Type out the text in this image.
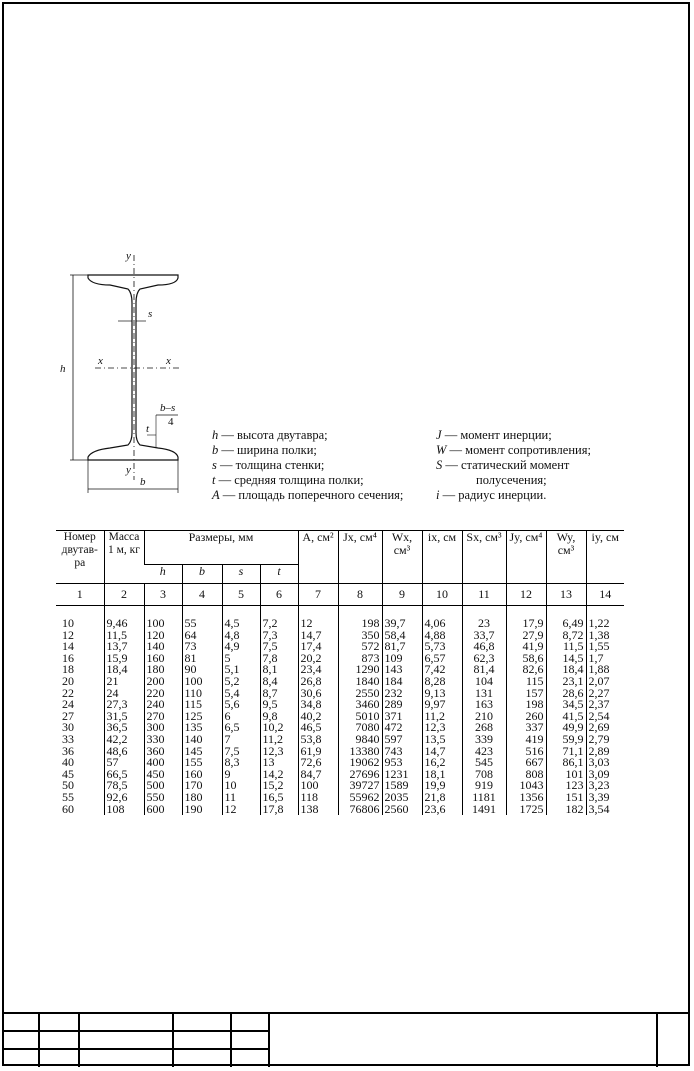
y
y
x	x
h
b
s
t
b–s
4
h — высота двутавра;
b — ширина полки;
s — толщина стенки;
t — средняя толщина полки;
A — площадь поперечного сечения;
J — момент инерции;
W — момент сопротивления;
S — статический момент
полусечения;
i — радиус инерции.
Номер двутав- ра	Масса 1 м, кг	Размеры, мм				A, см²	Jx, см⁴	Wx, см³	ix, см	Sx, см³	Jy, см⁴	Wy, см³	iy, см
		h	b	s	t								
1	2	3	4	5	6	7	8	9	10	11	12	13	14

10	9,46	100	55	4,5	7,2	12	198	39,7	4,06	23	17,9	6,49	1,22
12	11,5	120	64	4,8	7,3	14,7	350	58,4	4,88	33,7	27,9	8,72	1,38
14	13,7	140	73	4,9	7,5	17,4	572	81,7	5,73	46,8	41,9	11,5	1,55
16	15,9	160	81	5	7,8	20,2	873	109	6,57	62,3	58,6	14,5	1,7
18	18,4	180	90	5,1	8,1	23,4	1290	143	7,42	81,4	82,6	18,4	1,88
20	21	200	100	5,2	8,4	26,8	1840	184	8,28	104	115	23,1	2,07
22	24	220	110	5,4	8,7	30,6	2550	232	9,13	131	157	28,6	2,27
24	27,3	240	115	5,6	9,5	34,8	3460	289	9,97	163	198	34,5	2,37
27	31,5	270	125	6	9,8	40,2	5010	371	11,2	210	260	41,5	2,54
30	36,5	300	135	6,5	10,2	46,5	7080	472	12,3	268	337	49,9	2,69
33	42,2	330	140	7	11,2	53,8	9840	597	13,5	339	419	59,9	2,79
36	48,6	360	145	7,5	12,3	61,9	13380	743	14,7	423	516	71,1	2,89
40	57	400	155	8,3	13	72,6	19062	953	16,2	545	667	86,1	3,03
45	66,5	450	160	9	14,2	84,7	27696	1231	18,1	708	808	101	3,09
50	78,5	500	170	10	15,2	100	39727	1589	19,9	919	1043	123	3,23
55	92,6	550	180	11	16,5	118	55962	2035	21,8	1181	1356	151	3,39
60	108	600	190	12	17,8	138	76806	2560	23,6	1491	1725	182	3,54
